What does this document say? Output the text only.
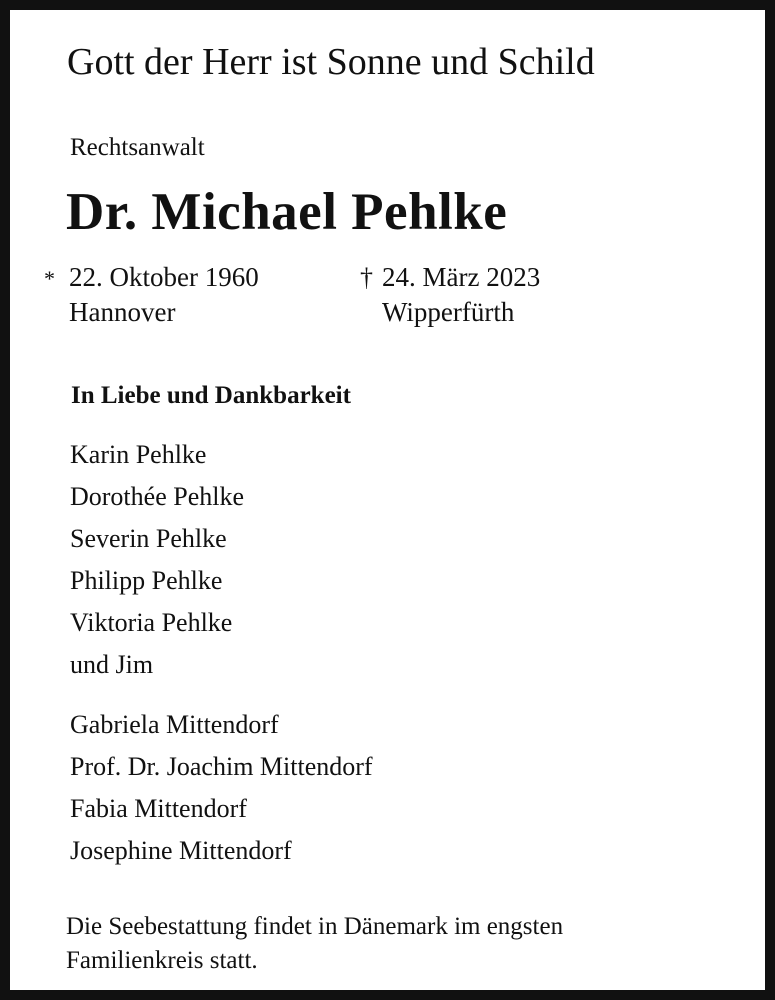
Gott der Herr ist Sonne und Schild
Rechtsanwalt
Dr. Michael Pehlke
* 22. Oktober 1960
Hannover
† 24. März 2023
Wipperfürth
In Liebe und Dankbarkeit
Karin Pehlke
Dorothée Pehlke
Severin Pehlke
Philipp Pehlke
Viktoria Pehlke
und Jim
Gabriela Mittendorf
Prof. Dr. Joachim Mittendorf
Fabia Mittendorf
Josephine Mittendorf
Die Seebestattung findet in Dänemark im engsten
Familienkreis statt.
